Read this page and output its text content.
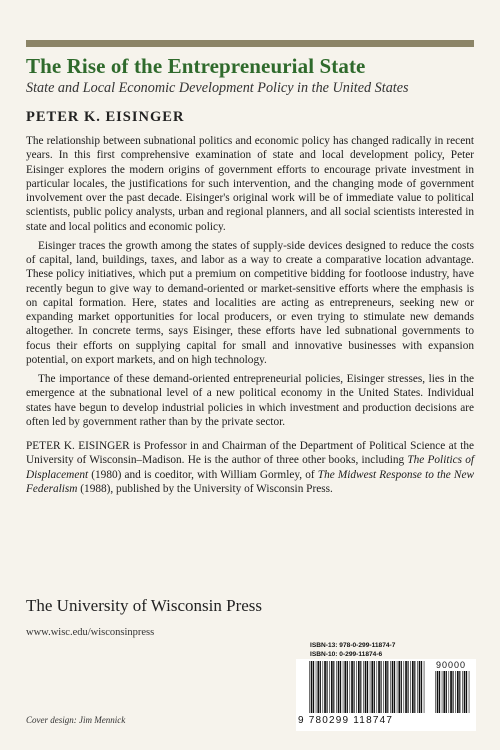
The Rise of the Entrepreneurial State
State and Local Economic Development Policy in the United States
PETER K. EISINGER

The relationship between subnational politics and economic policy has changed radically in recent years. In this first comprehensive examination of state and local development policy, Peter Eisinger explores the modern origins of government efforts to encourage private investment in particular locales, the justifications for such intervention, and the changing mode of government involvement over the past decade. Eisinger's original work will be of immediate value to political scientists, public policy analysts, urban and regional planners, and all social scientists interested in state and local politics and economic policy.

Eisinger traces the growth among the states of supply-side devices designed to reduce the costs of capital, land, buildings, taxes, and labor as a way to create a comparative location advantage. These policy initiatives, which put a premium on competitive bidding for footloose industry, have recently begun to give way to demand-oriented or market-sensitive efforts where the emphasis is on capital formation. Here, states and localities are acting as entrepreneurs, seeking new or expanding market opportunities for local producers, or even trying to stimulate new demands altogether. In concrete terms, says Eisinger, these efforts have led subnational governments to focus their efforts on supplying capital for small and innovative businesses with expansion potential, on export markets, and on high technology.

The importance of these demand-oriented entrepreneurial policies, Eisinger stresses, lies in the emergence at the subnational level of a new political economy in the United States. Individual states have begun to develop industrial policies in which investment and production decisions are often led by government rather than by the private sector.

PETER K. EISINGER is Professor in and Chairman of the Department of Political Science at the University of Wisconsin–Madison. He is the author of three other books, including The Politics of Displacement (1980) and is coeditor, with William Gormley, of The Midwest Response to the New Federalism (1988), published by the University of Wisconsin Press.

The University of Wisconsin Press
www.wisc.edu/wisconsinpress
ISBN-13: 978-0-299-11874-7
ISBN-10: 0-299-11874-6
90000
9 780299 118747
Cover design: Jim Mennick
